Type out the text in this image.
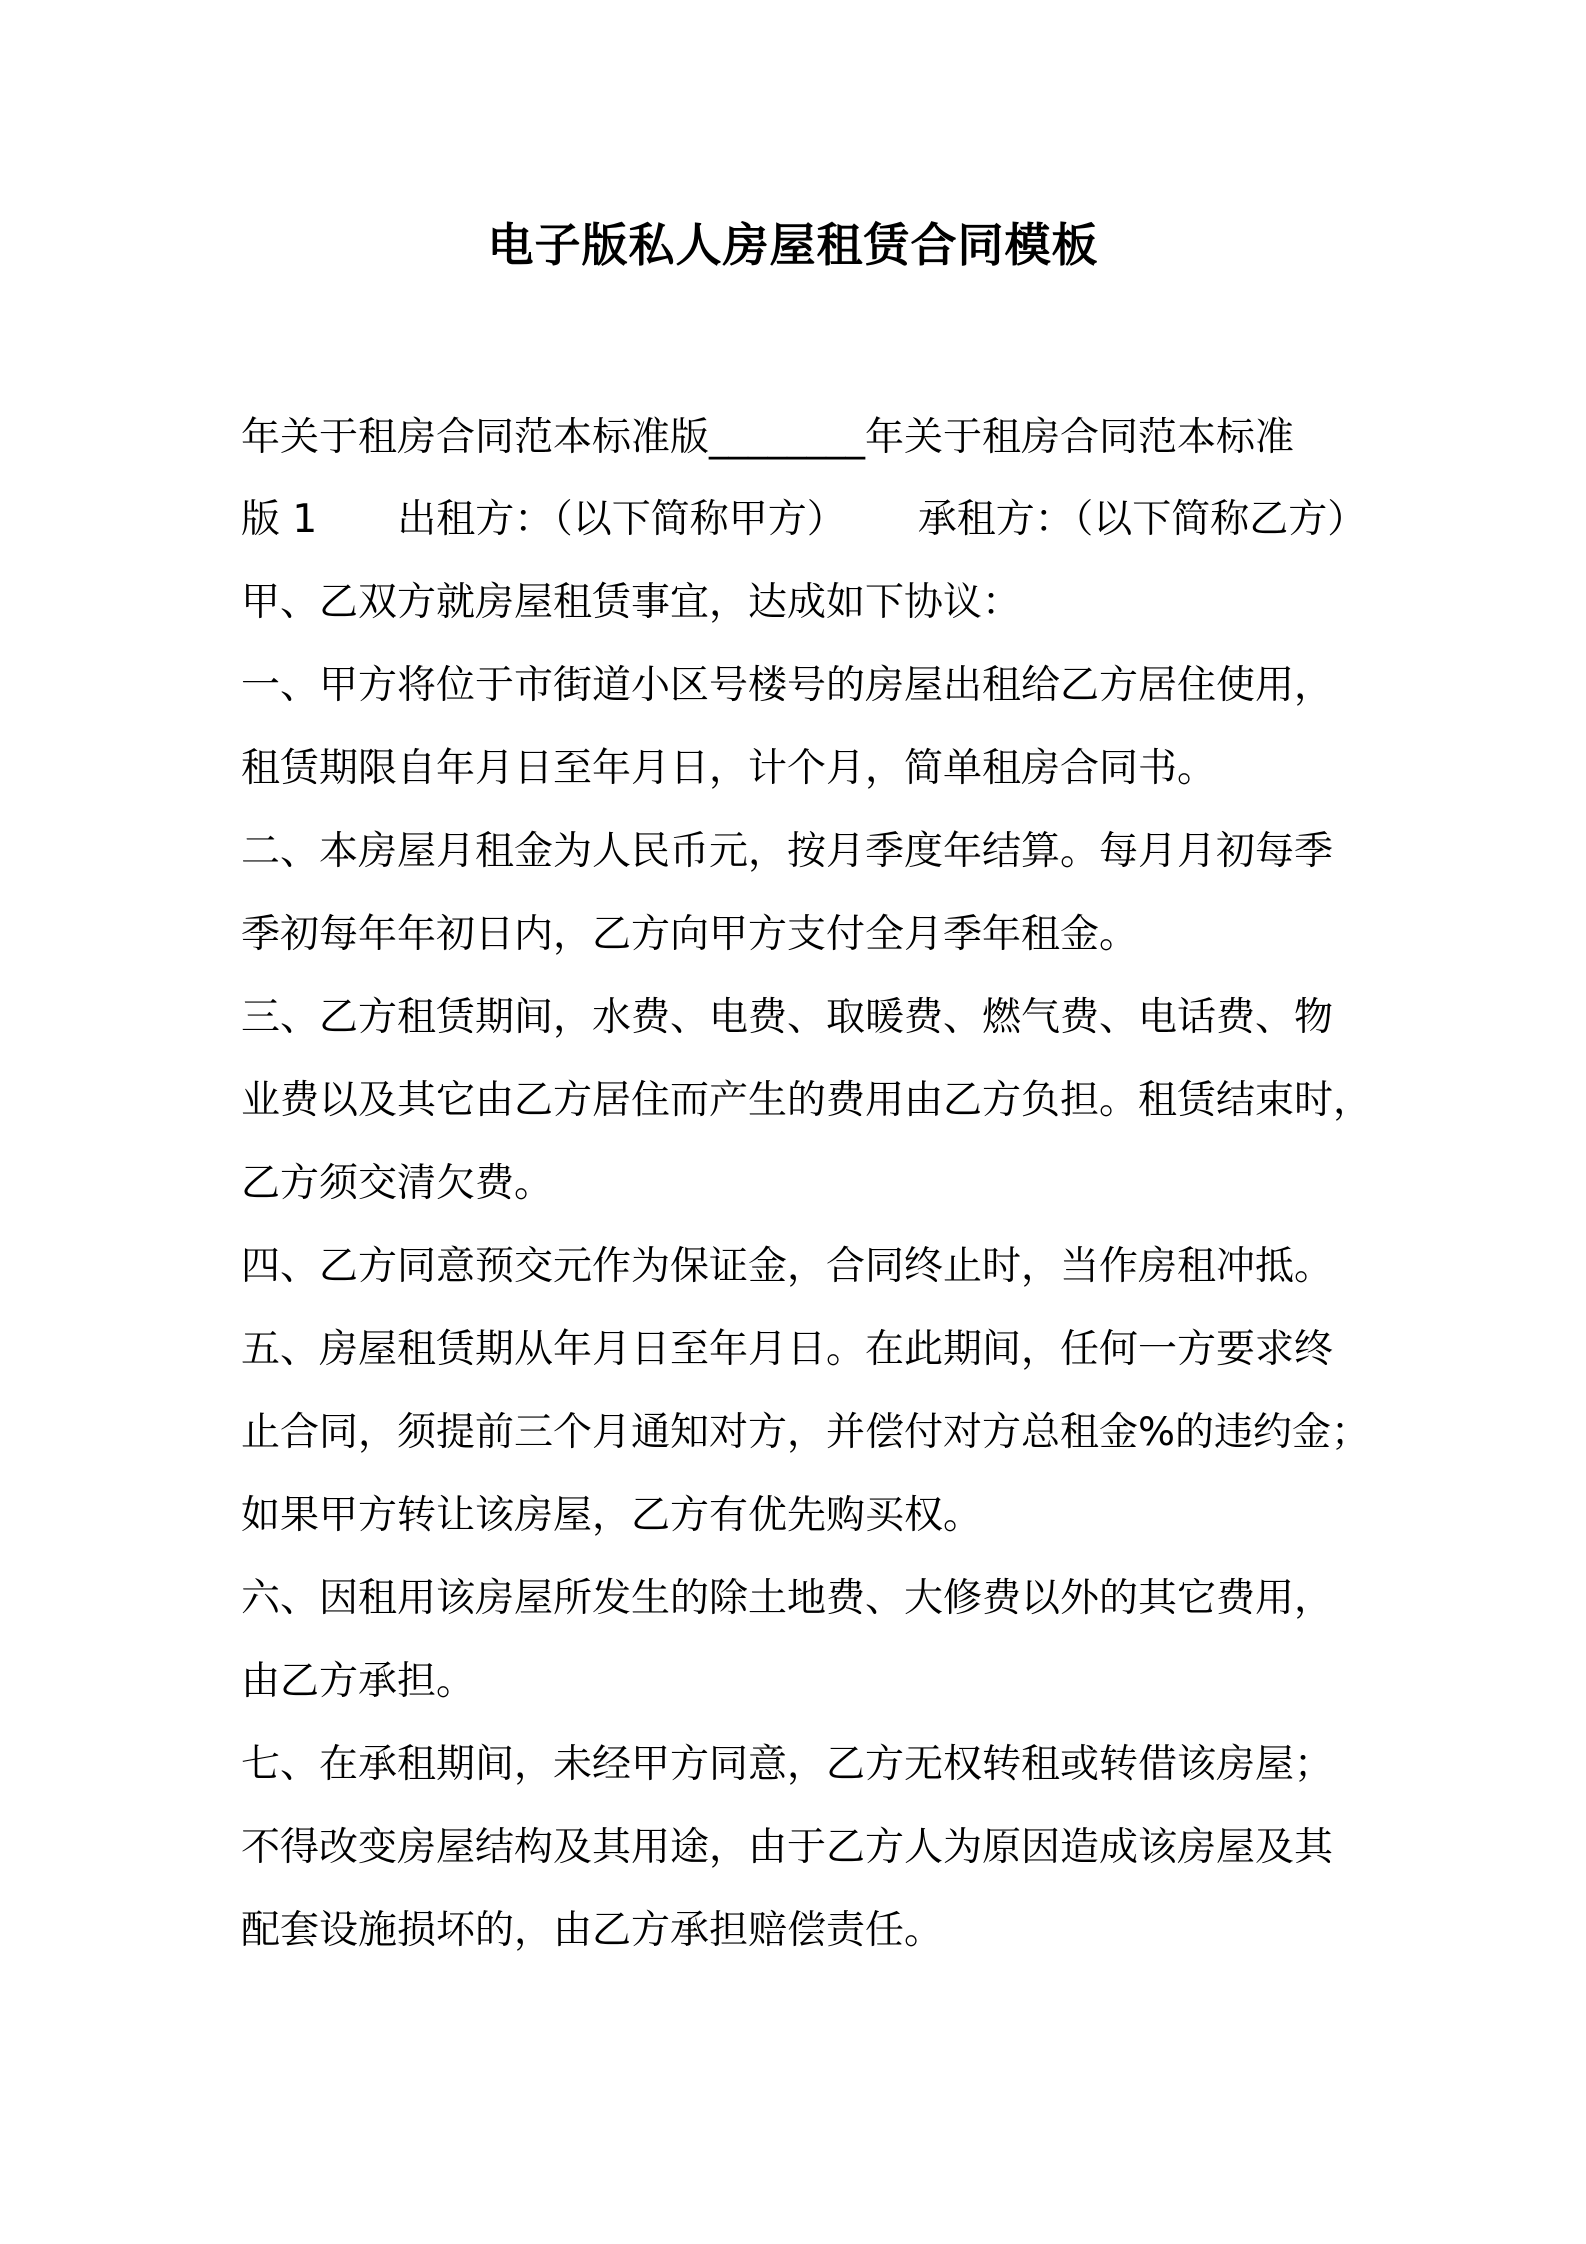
电子版私人房屋租赁合同模板
年关于租房合同范本标准版________年关于租房合同范本标准
版 1 出租方：（以下简称甲方） 承租方：（以下简称乙方）
甲、乙双方就房屋租赁事宜，达成如下协议：
一、甲方将位于市街道小区号楼号的房屋出租给乙方居住使用，
租赁期限自年月日至年月日，计个月，简单租房合同书。
二、本房屋月租金为人民币元，按月季度年结算。每月月初每季
季初每年年初日内，乙方向甲方支付全月季年租金。
三、乙方租赁期间，水费、电费、取暖费、燃气费、电话费、物
业费以及其它由乙方居住而产生的费用由乙方负担。租赁结束时，
乙方须交清欠费。
四、乙方同意预交元作为保证金，合同终止时，当作房租冲抵。
五、房屋租赁期从年月日至年月日。在此期间，任何一方要求终
止合同，须提前三个月通知对方，并偿付对方总租金%的违约金；
如果甲方转让该房屋，乙方有优先购买权。
六、因租用该房屋所发生的除土地费、大修费以外的其它费用，
由乙方承担。
七、在承租期间，未经甲方同意，乙方无权转租或转借该房屋；
不得改变房屋结构及其用途，由于乙方人为原因造成该房屋及其
配套设施损坏的，由乙方承担赔偿责任。
